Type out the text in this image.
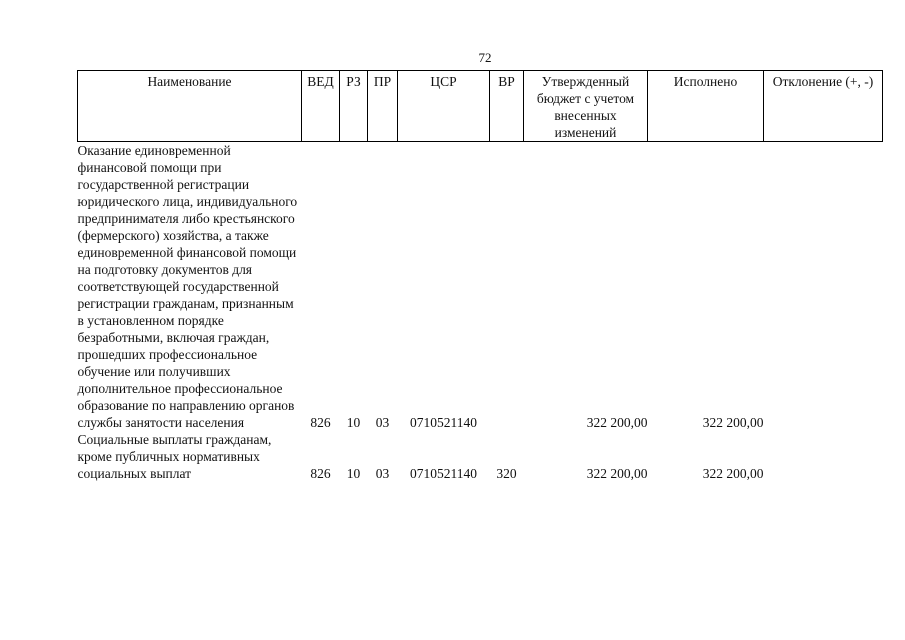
72
Наименование	ВЕД	РЗ	ПР	ЦСР	ВР	Утвержденный бюджет с учетом внесенных изменений	Исполнено	Отклонение (+, -)
Оказание единовременной финансовой помощи при государственной регистрации юридического лица, индивидуального предпринимателя либо крестьянского (фермерского) хозяйства, а также единовременной финансовой помощи на подготовку документов для соответствующей государственной регистрации гражданам, признанным в установленном порядке безработными, включая граждан, прошедших профессиональное обучение или получивших дополнительное профессиональное образование по направлению органов службы занятости населения	826	10	03	0710521140		322 200,00	322 200,00	
Социальные выплаты гражданам, кроме публичных нормативных социальных выплат	826	10	03	0710521140	320	322 200,00	322 200,00	
